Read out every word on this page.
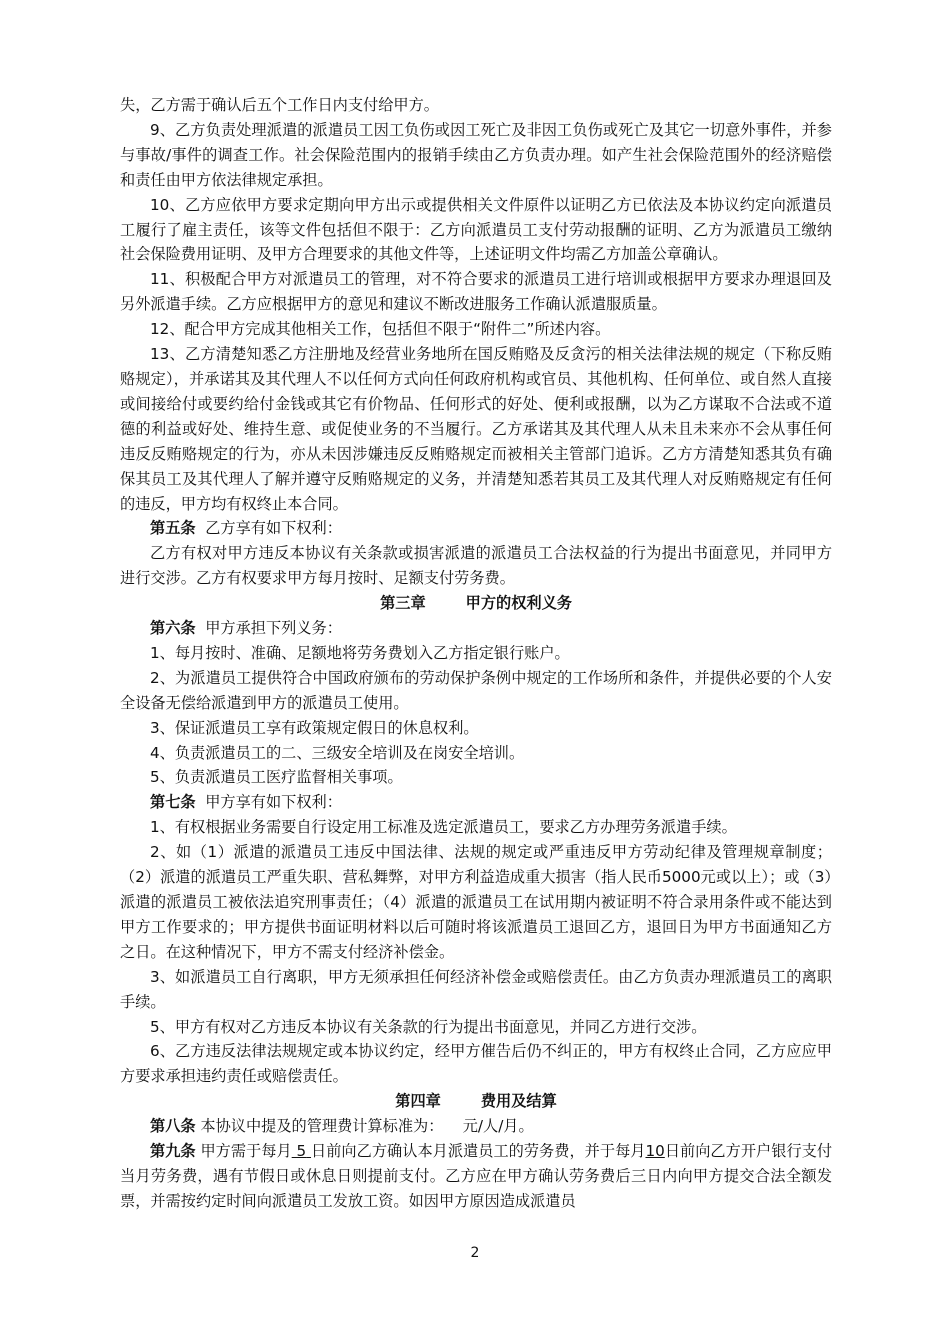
失，乙方需于确认后五个工作日内支付给甲方。

9、乙方负责处理派遣的派遣员工因工负伤或因工死亡及非因工负伤或死亡及其它一切意外事件，并参与事故/事件的调查工作。社会保险范围内的报销手续由乙方负责办理。如产生社会保险范围外的经济赔偿和责任由甲方依法律规定承担。

10、乙方应依甲方要求定期向甲方出示或提供相关文件原件以证明乙方已依法及本协议约定向派遣员工履行了雇主责任，该等文件包括但不限于：乙方向派遣员工支付劳动报酬的证明、乙方为派遣员工缴纳社会保险费用证明、及甲方合理要求的其他文件等，上述证明文件均需乙方加盖公章确认。

11、积极配合甲方对派遣员工的管理，对不符合要求的派遣员工进行培训或根据甲方要求办理退回及另外派遣手续。乙方应根据甲方的意见和建议不断改进服务工作确认派遣服质量。

12、配合甲方完成其他相关工作，包括但不限于“附件二”所述内容。

13、乙方清楚知悉乙方注册地及经营业务地所在国反贿赂及反贪污的相关法律法规的规定（下称反贿赂规定），并承诺其及其代理人不以任何方式向任何政府机构或官员、其他机构、任何单位、或自然人直接或间接给付或要约给付金钱或其它有价物品、任何形式的好处、便利或报酬，以为乙方谋取不合法或不道德的利益或好处、维持生意、或促使业务的不当履行。乙方承诺其及其代理人从未且未来亦不会从事任何违反反贿赂规定的行为，亦从未因涉嫌违反反贿赂规定而被相关主管部门追诉。乙方方清楚知悉其负有确保其员工及其代理人了解并遵守反贿赂规定的义务，并清楚知悉若其员工及其代理人对反贿赂规定有任何的违反，甲方均有权终止本合同。

第五条 乙方享有如下权利：

乙方有权对甲方违反本协议有关条款或损害派遣的派遣员工合法权益的行为提出书面意见，并同甲方进行交涉。乙方有权要求甲方每月按时、足额支付劳务费。

第三章	甲方的权利义务

第六条 甲方承担下列义务：

1、每月按时、准确、足额地将劳务费划入乙方指定银行账户。

2、为派遣员工提供符合中国政府颁布的劳动保护条例中规定的工作场所和条件，并提供必要的个人安全设备无偿给派遣到甲方的派遣员工使用。

3、保证派遣员工享有政策规定假日的休息权利。

4、负责派遣员工的二、三级安全培训及在岗安全培训。

5、负责派遣员工医疗监督相关事项。

第七条 甲方享有如下权利：

1、有权根据业务需要自行设定用工标准及选定派遣员工，要求乙方办理劳务派遣手续。

2、如（1）派遣的派遣员工违反中国法律、法规的规定或严重违反甲方劳动纪律及管理规章制度；（2）派遣的派遣员工严重失职、营私舞弊，对甲方利益造成重大损害（指人民币5000元或以上）；或（3）派遣的派遣员工被依法追究刑事责任；（4）派遣的派遣员工在试用期内被证明不符合录用条件或不能达到甲方工作要求的；甲方提供书面证明材料以后可随时将该派遣员工退回乙方，退回日为甲方书面通知乙方之日。在这种情况下，甲方不需支付经济补偿金。

3、如派遣员工自行离职，甲方无须承担任何经济补偿金或赔偿责任。由乙方负责办理派遣员工的离职手续。

5、甲方有权对乙方违反本协议有关条款的行为提出书面意见，并同乙方进行交涉。

6、乙方违反法律法规规定或本协议约定，经甲方催告后仍不纠正的，甲方有权终止合同，乙方应应甲方要求承担违约责任或赔偿责任。

第四章	费用及结算

第八条 本协议中提及的管理费计算标准为： 元/人/月。

第九条 甲方需于每月 5 日前向乙方确认本月派遣员工的劳务费，并于每月10日前向乙方开户银行支付当月劳务费，遇有节假日或休息日则提前支付。乙方应在甲方确认劳务费后三日内向甲方提交合法全额发票，并需按约定时间向派遣员工发放工资。如因甲方原因造成派遣员

2
